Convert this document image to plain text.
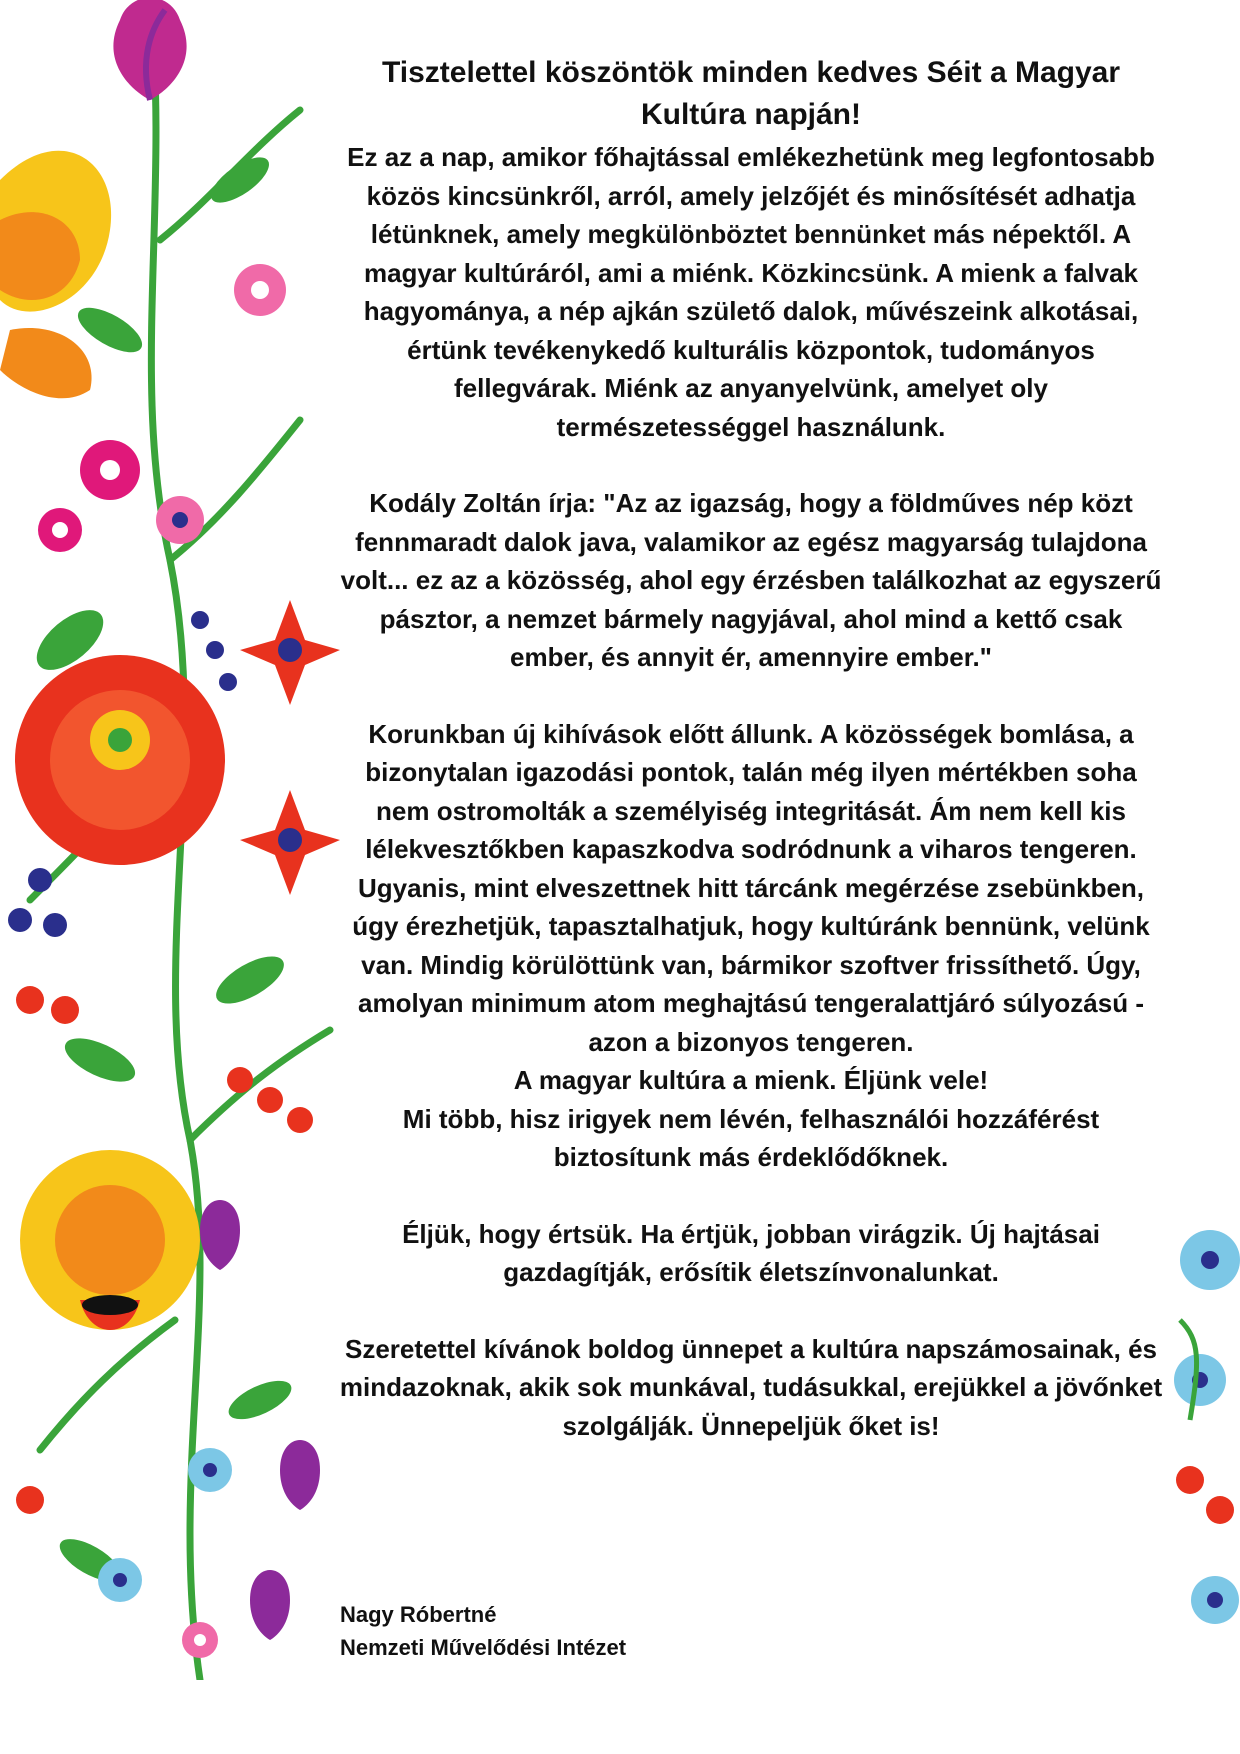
Tisztelettel köszöntök minden kedves Séit a Magyar Kultúra napján!
Ez az a nap, amikor főhajtással emlékezhetünk meg legfontosabb közös kincsünkről, arról, amely jelzőjét és minősítését adhatja létünknek, amely megkülönböztet bennünket más népektől. A magyar kultúráról, ami a miénk. Közkincsünk. A mienk a falvak hagyománya, a nép ajkán születő dalok, művészeink alkotásai, értünk tevékenykedő kulturális központok, tudományos fellegvárak. Miénk az anyanyelvünk, amelyet oly természetességgel használunk.
Kodály Zoltán írja: "Az az igazság, hogy a földműves nép közt fennmaradt dalok java, valamikor az egész magyarság tulajdona volt... ez az a közösség, ahol egy érzésben találkozhat az egyszerű pásztor, a nemzet bármely nagyjával, ahol mind a kettő csak ember, és annyit ér, amennyire ember."
Korunkban új kihívások előtt állunk. A közösségek bomlása, a bizonytalan igazodási pontok, talán még ilyen mértékben soha nem ostromolták a személyiség integritását. Ám nem kell kis lélekvesztőkben kapaszkodva sodródnunk a viharos tengeren. Ugyanis, mint elveszettnek hitt tárcánk megérzése zsebünkben, úgy érezhetjük, tapasztalhatjuk, hogy kultúránk bennünk, velünk van. Mindig körülöttünk van, bármikor szoftver frissíthető. Úgy, amolyan minimum atom meghajtású tengeralattjáró súlyozású - azon a bizonyos tengeren.
A magyar kultúra a mienk. Éljünk vele!
Mi több, hisz irigyek nem lévén, felhasználói hozzáférést biztosítunk más érdeklődőknek.
Éljük, hogy értsük. Ha értjük, jobban virágzik. Új hajtásai gazdagítják, erősítik életszínvonalunkat.
Szeretettel kívánok boldog ünnepet a kultúra napszámosainak, és mindazoknak, akik sok munkával, tudásukkal, erejükkel a jövőnket szolgálják. Ünnepeljük őket is!
Nagy Róbertné
Nemzeti Művelődési Intézet
